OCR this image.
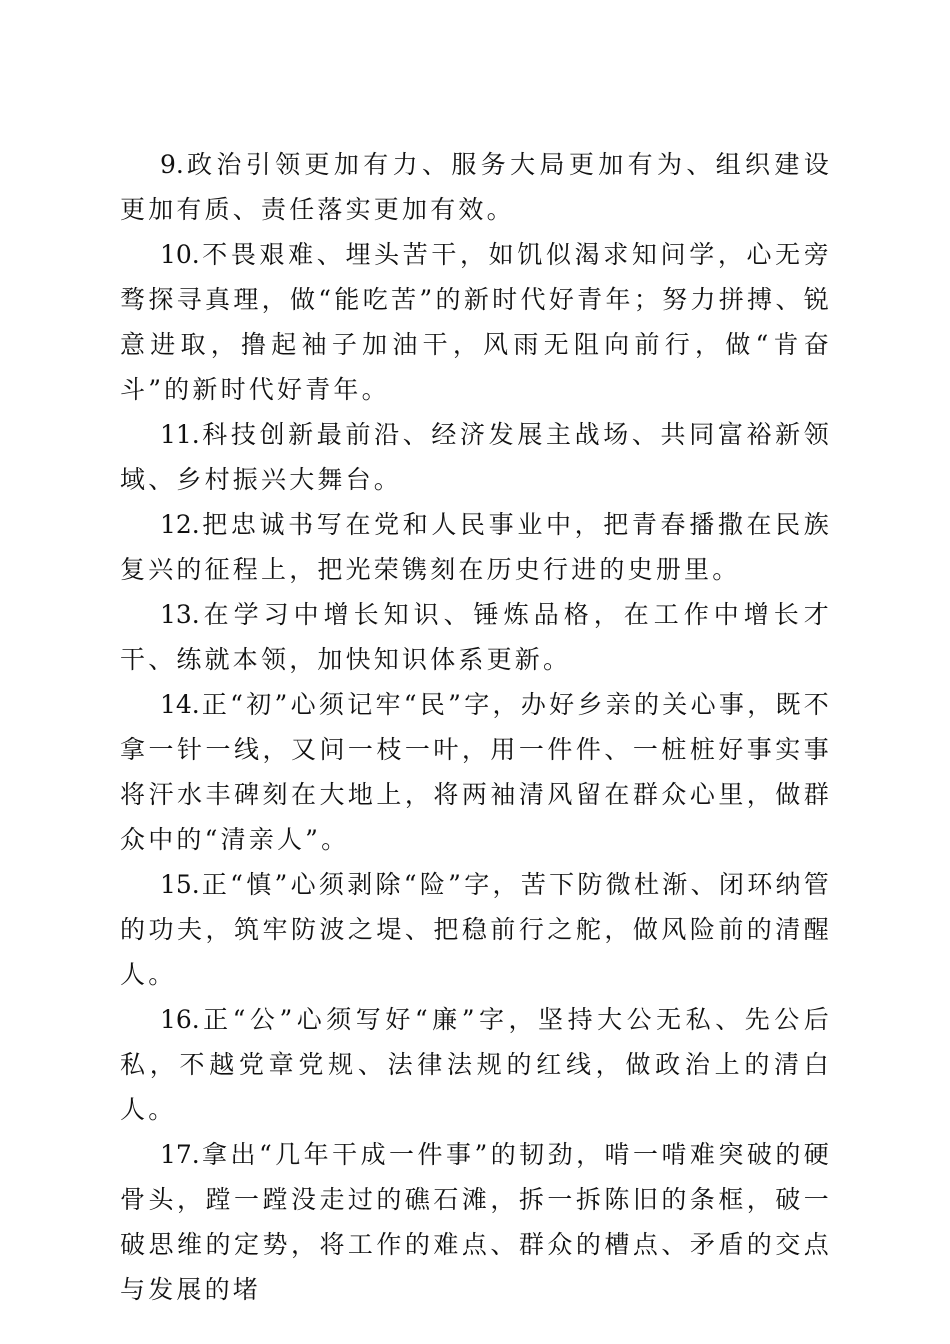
9.政治引领更加有力、服务大局更加有为、组织建设更加有质、责任落实更加有效。

10.不畏艰难、埋头苦干，如饥似渴求知问学，心无旁骛探寻真理，做“能吃苦”的新时代好青年；努力拼搏、锐意进取，撸起袖子加油干，风雨无阻向前行，做“肯奋斗”的新时代好青年。

11.科技创新最前沿、经济发展主战场、共同富裕新领域、乡村振兴大舞台。

12.把忠诚书写在党和人民事业中，把青春播撒在民族复兴的征程上，把光荣镌刻在历史行进的史册里。

13.在学习中增长知识、锤炼品格，在工作中增长才干、练就本领，加快知识体系更新。

14.正“初”心须记牢“民”字，办好乡亲的关心事，既不拿一针一线，又问一枝一叶，用一件件、一桩桩好事实事将汗水丰碑刻在大地上，将两袖清风留在群众心里，做群众中的“清亲人”。

15.正“慎”心须剥除“险”字，苦下防微杜渐、闭环纳管的功夫，筑牢防波之堤、把稳前行之舵，做风险前的清醒人。

16.正“公”心须写好“廉”字，坚持大公无私、先公后私，不越党章党规、法律法规的红线，做政治上的清白人。

17.拿出“几年干成一件事”的韧劲，啃一啃难突破的硬骨头，蹚一蹚没走过的礁石滩，拆一拆陈旧的条框，破一破思维的定势，将工作的难点、群众的槽点、矛盾的交点与发展的堵
